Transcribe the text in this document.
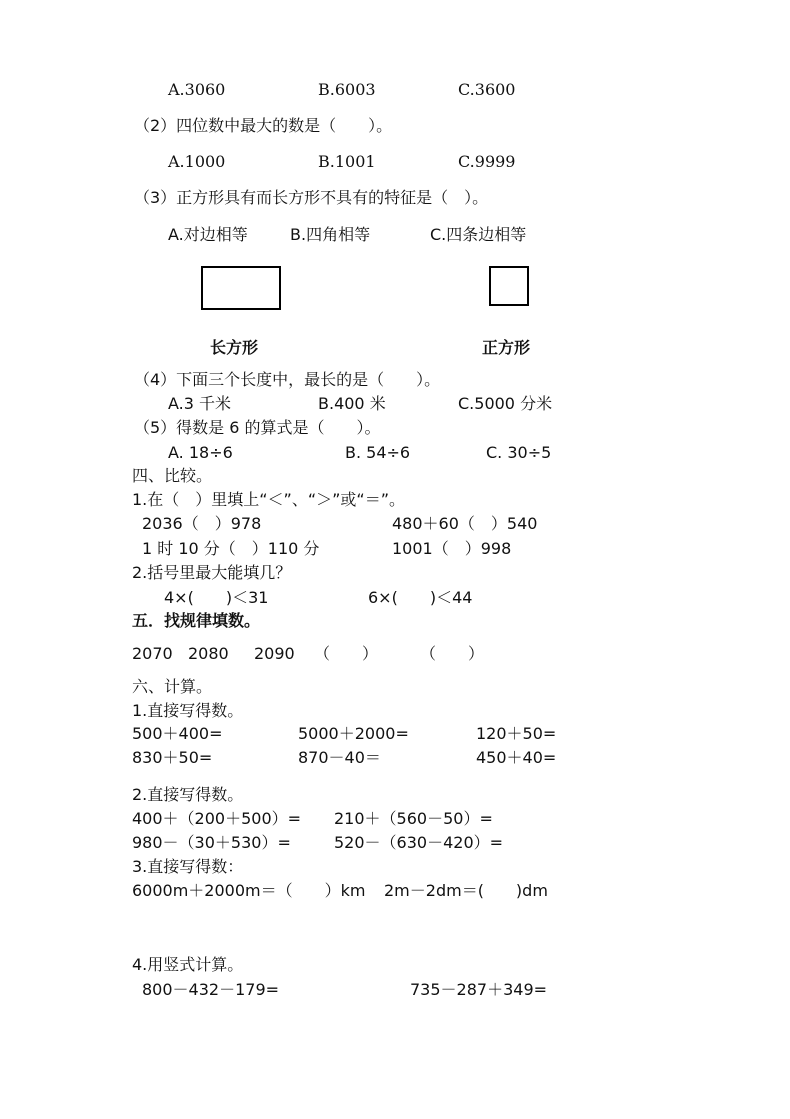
A.3060	B.6003	C.3600
（2）四位数中最大的数是（　　）。
A.1000	B.1001	C.9999
（3）正方形具有而长方形不具有的特征是（　）。
A.对边相等	B.四角相等	C.四条边相等
长方形	正方形
（4）下面三个长度中，最长的是（　　）。
A.3 千米	B.400 米	C.5000 分米
（5）得数是 6 的算式是（　　）。
A. 18÷6	B. 54÷6	C. 30÷5
四、比较。
1.在（　）里填上“＜”、“＞”或“＝”。
2036（　）978	480＋60（　）540
1 时 10 分（　）110 分	1001（　）998
2.括号里最大能填几？
4×(　　)＜31	6×(　　)＜44
五．找规律填数。
2070 2080 2090 （　　）	（　　）
六、计算。
1.直接写得数。
500＋400=	5000＋2000=	120＋50=
830＋50=	870－40＝	450＋40=
2.直接写得数。
400＋（200＋500）= 210＋（560－50）=
980－（30＋530）=	520－（630－420）=
3.直接写得数：
6000m＋2000m＝（　　）km 2m－2dm＝(　　)dm
4.用竖式计算。
800－432－179=	735－287＋349=
